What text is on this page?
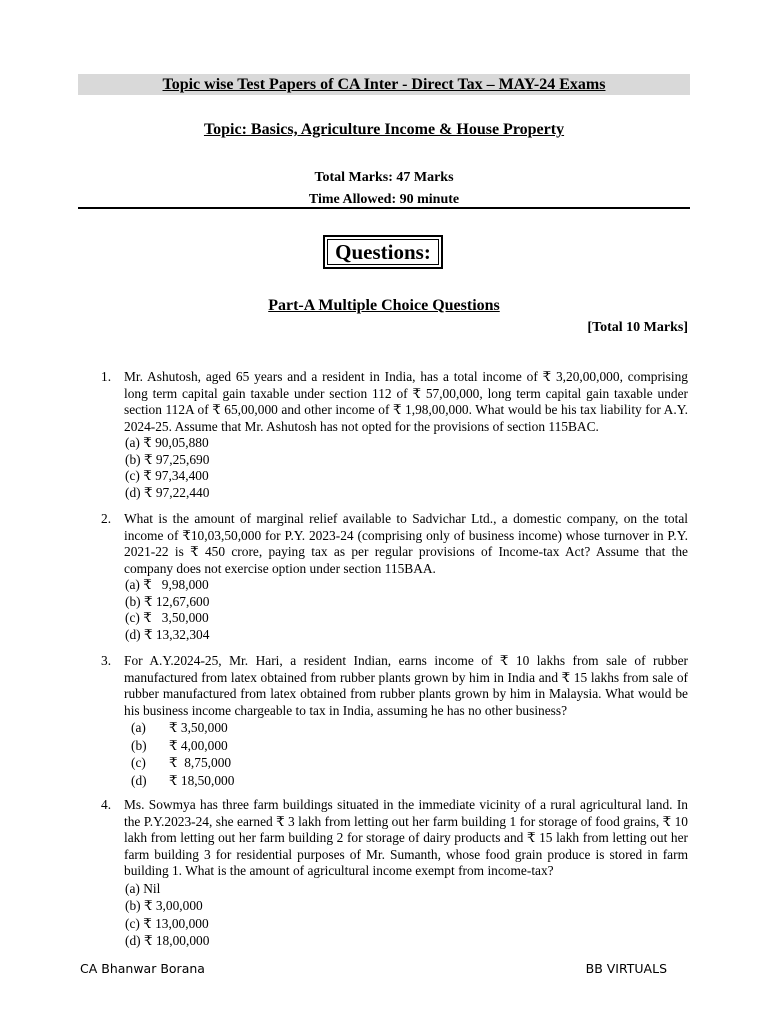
Topic wise Test Papers of CA Inter - Direct Tax – MAY-24 Exams
Topic: Basics, Agriculture Income & House Property
Total Marks: 47 Marks
Time Allowed: 90 minute
Questions:
Part-A Multiple Choice Questions
[Total 10 Marks]
1. Mr. Ashutosh, aged 65 years and a resident in India, has a total income of ₹ 3,20,00,000, comprising long term capital gain taxable under section 112 of ₹ 57,00,000, long term capital gain taxable under section 112A of ₹ 65,00,000 and other income of ₹ 1,98,00,000. What would be his tax liability for A.Y. 2024-25. Assume that Mr. Ashutosh has not opted for the provisions of section 115BAC.
(a) ₹ 90,05,880
(b) ₹ 97,25,690
(c) ₹ 97,34,400
(d) ₹ 97,22,440
2. What is the amount of marginal relief available to Sadvichar Ltd., a domestic company, on the total income of ₹10,03,50,000 for P.Y. 2023-24 (comprising only of business income) whose turnover in P.Y. 2021-22 is ₹ 450 crore, paying tax as per regular provisions of Income-tax Act? Assume that the company does not exercise option under section 115BAA.
(a) ₹   9,98,000
(b) ₹ 12,67,600
(c) ₹   3,50,000
(d) ₹ 13,32,304
3. For A.Y.2024-25, Mr. Hari, a resident Indian, earns income of ₹ 10 lakhs from sale of rubber manufactured from latex obtained from rubber plants grown by him in India and ₹ 15 lakhs from sale of rubber manufactured from latex obtained from rubber plants grown by him in Malaysia. What would be his business income chargeable to tax in India, assuming he has no other business?
(a) ₹ 3,50,000
(b) ₹ 4,00,000
(c) ₹  8,75,000
(d) ₹ 18,50,000
4. Ms. Sowmya has three farm buildings situated in the immediate vicinity of a rural agricultural land. In the P.Y.2023-24, she earned ₹ 3 lakh from letting out her farm building 1 for storage of food grains, ₹ 10 lakh from letting out her farm building 2 for storage of dairy products and ₹ 15 lakh from letting out her farm building 3 for residential purposes of Mr. Sumanth, whose food grain produce is stored in farm building 1. What is the amount of agricultural income exempt from income-tax?
(a) Nil
(b) ₹ 3,00,000
(c) ₹ 13,00,000
(d) ₹ 18,00,000
CA Bhanwar Borana	BB VIRTUALS
